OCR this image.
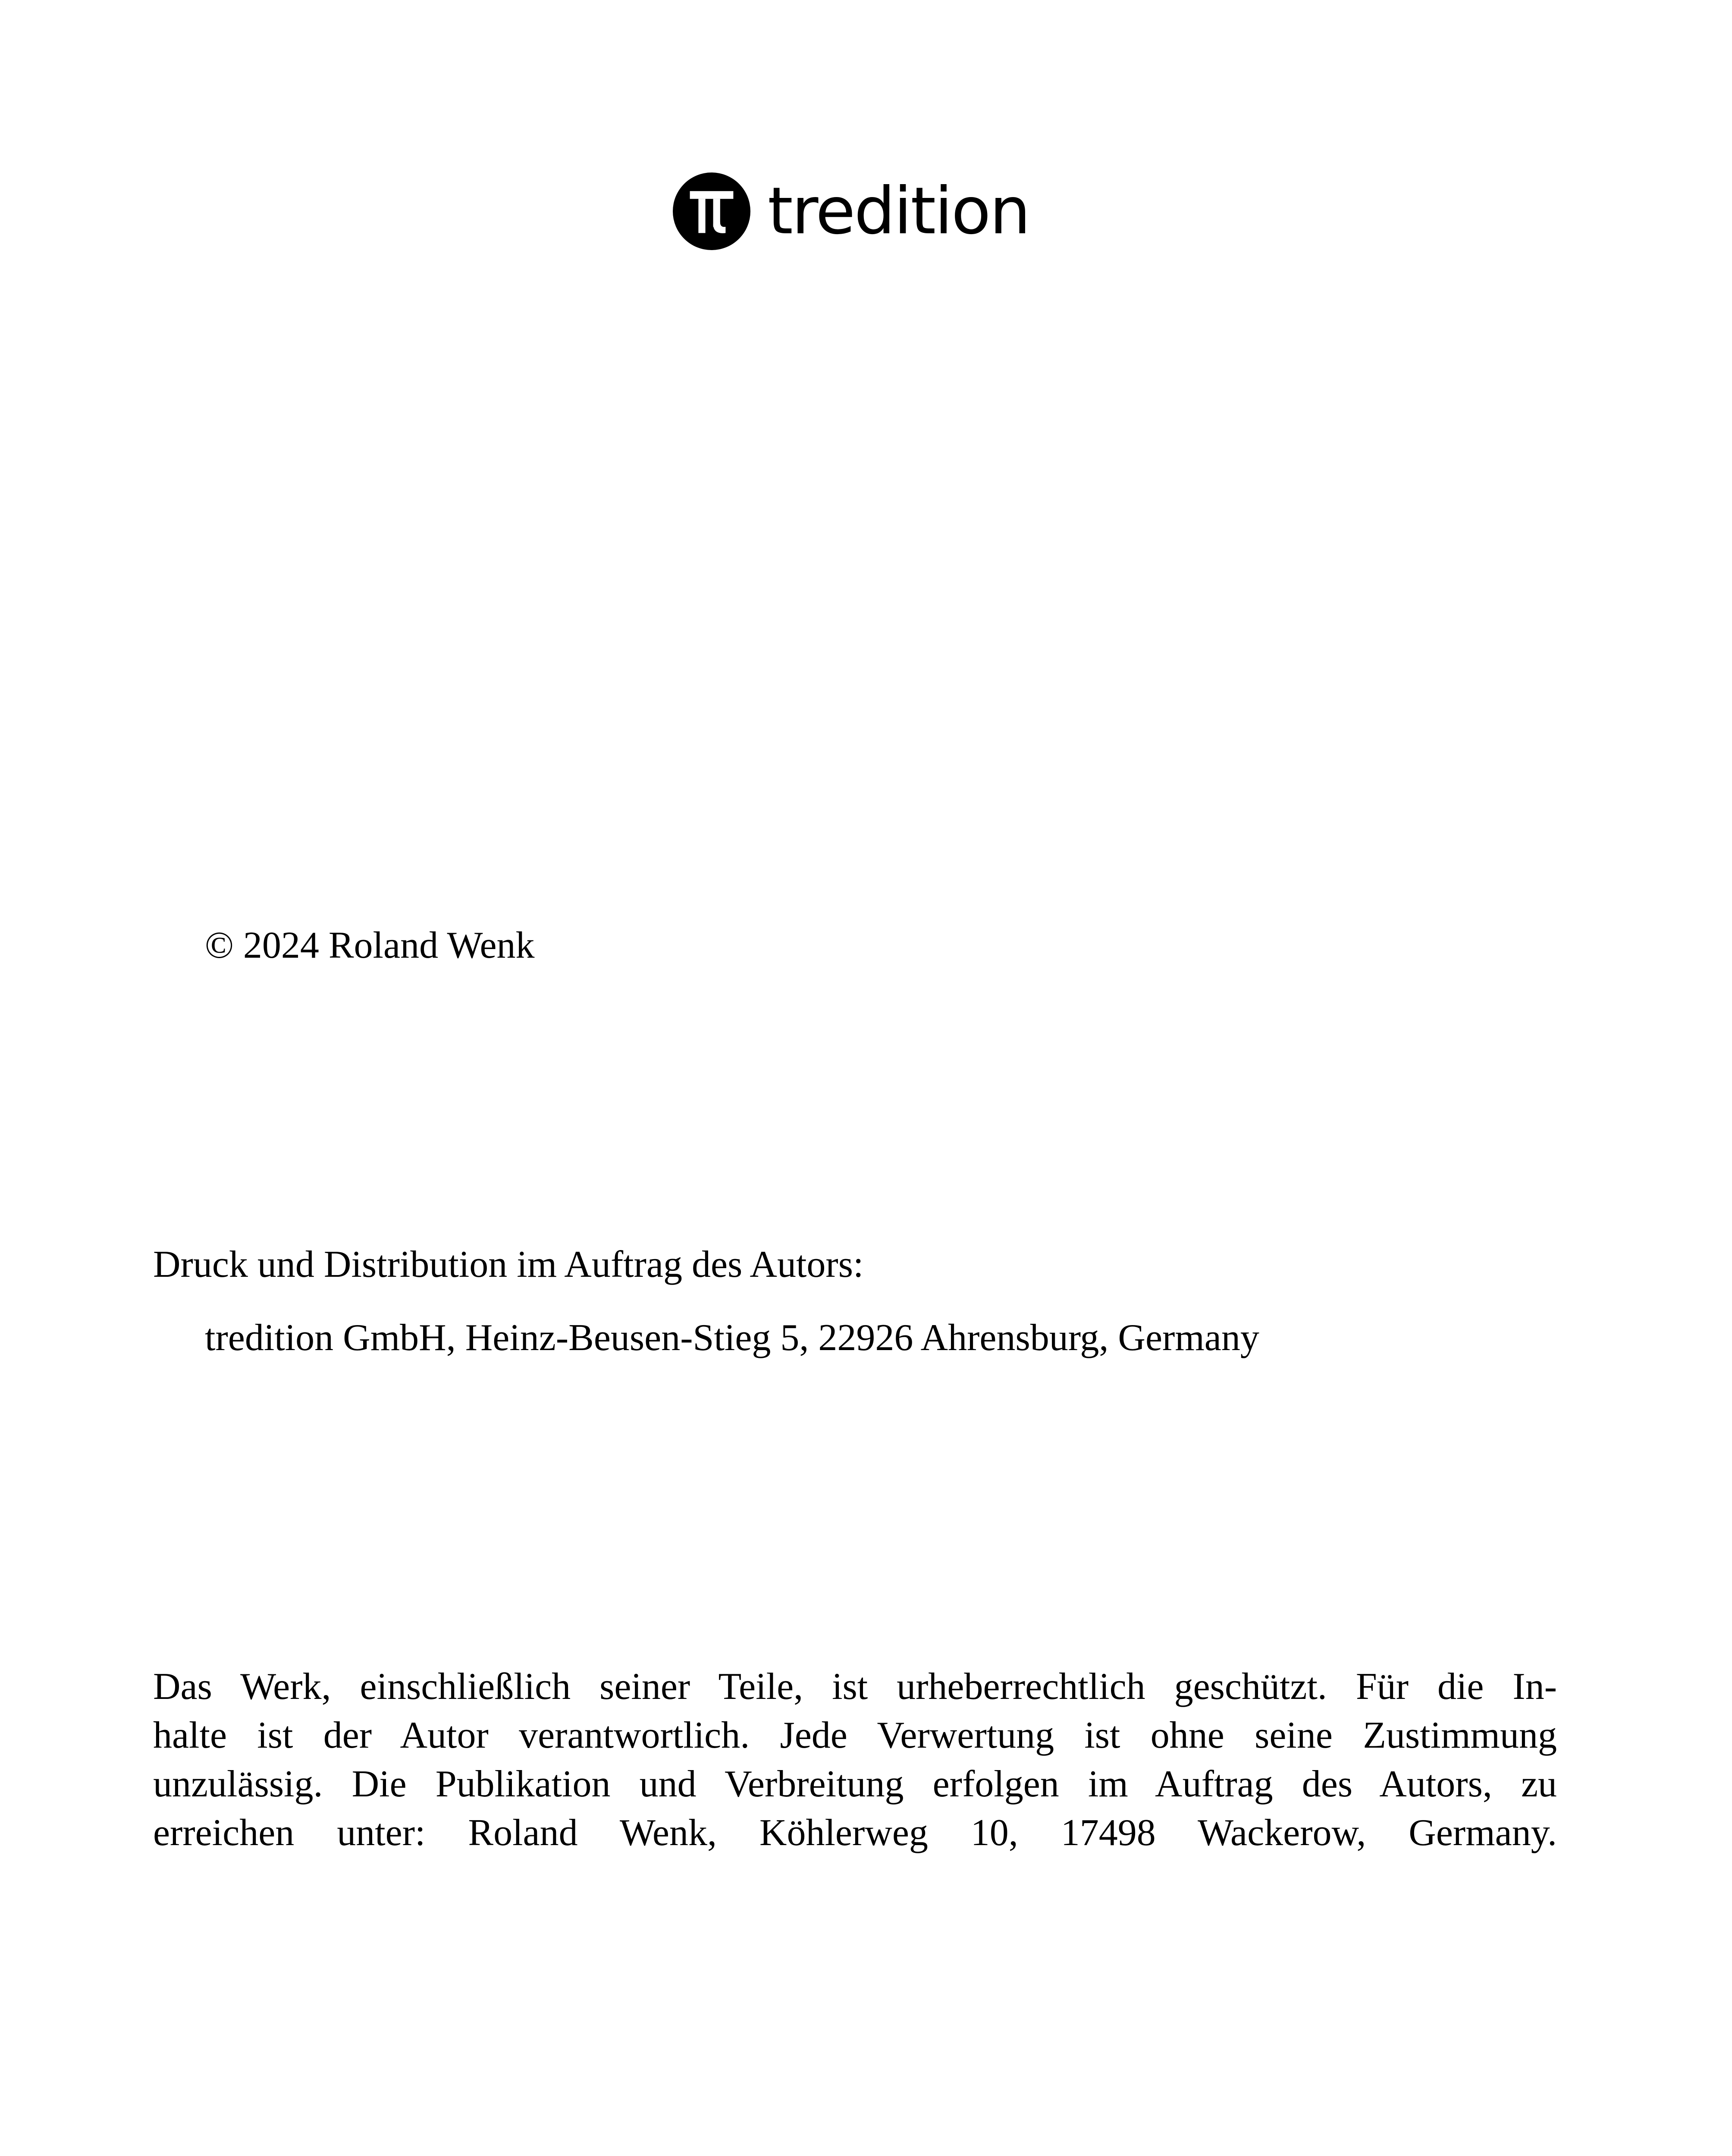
tredition
© 2024 Roland Wenk
Druck und Distribution im Auftrag des Autors:
tredition GmbH, Heinz-Beusen-Stieg 5, 22926 Ahrensburg, Germany
Das Werk, einschließlich seiner Teile, ist urheberrechtlich geschützt. Für die In-
halte ist der Autor verantwortlich. Jede Verwertung ist ohne seine Zustimmung
unzulässig. Die Publikation und Verbreitung erfolgen im Auftrag des Autors, zu
erreichen unter: Roland Wenk, Köhlerweg 10, 17498 Wackerow, Germany.
